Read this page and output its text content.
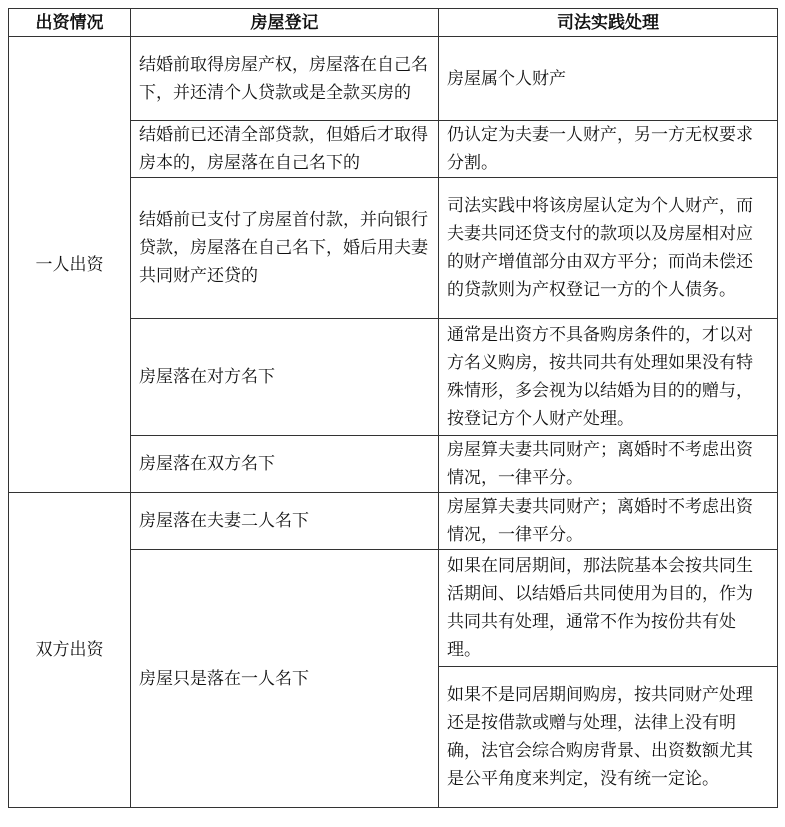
出资情况	房屋登记	司法实践处理
一人出资	结婚前取得房屋产权，房屋落在自己名下，并还清个人贷款或是全款买房的	房屋属个人财产
	结婚前已还清全部贷款，但婚后才取得房本的，房屋落在自己名下的	仍认定为夫妻一人财产，另一方无权要求分割。
	结婚前已支付了房屋首付款，并向银行贷款，房屋落在自己名下，婚后用夫妻共同财产还贷的	司法实践中将该房屋认定为个人财产，而夫妻共同还贷支付的款项以及房屋相对应的财产增值部分由双方平分；而尚未偿还的贷款则为产权登记一方的个人债务。
	房屋落在对方名下	通常是出资方不具备购房条件的，才以对方名义购房，按共同共有处理如果没有特殊情形，多会视为以结婚为目的的赠与，按登记方个人财产处理。
	房屋落在双方名下	房屋算夫妻共同财产；离婚时不考虑出资情况，一律平分。
双方出资	房屋落在夫妻二人名下	房屋算夫妻共同财产；离婚时不考虑出资情况，一律平分。
	房屋只是落在一人名下	如果在同居期间，那法院基本会按共同生活期间、以结婚后共同使用为目的，作为共同共有处理，通常不作为按份共有处理。
		如果不是同居期间购房，按共同财产处理还是按借款或赠与处理，法律上没有明确，法官会综合购房背景、出资数额尤其是公平角度来判定，没有统一定论。
